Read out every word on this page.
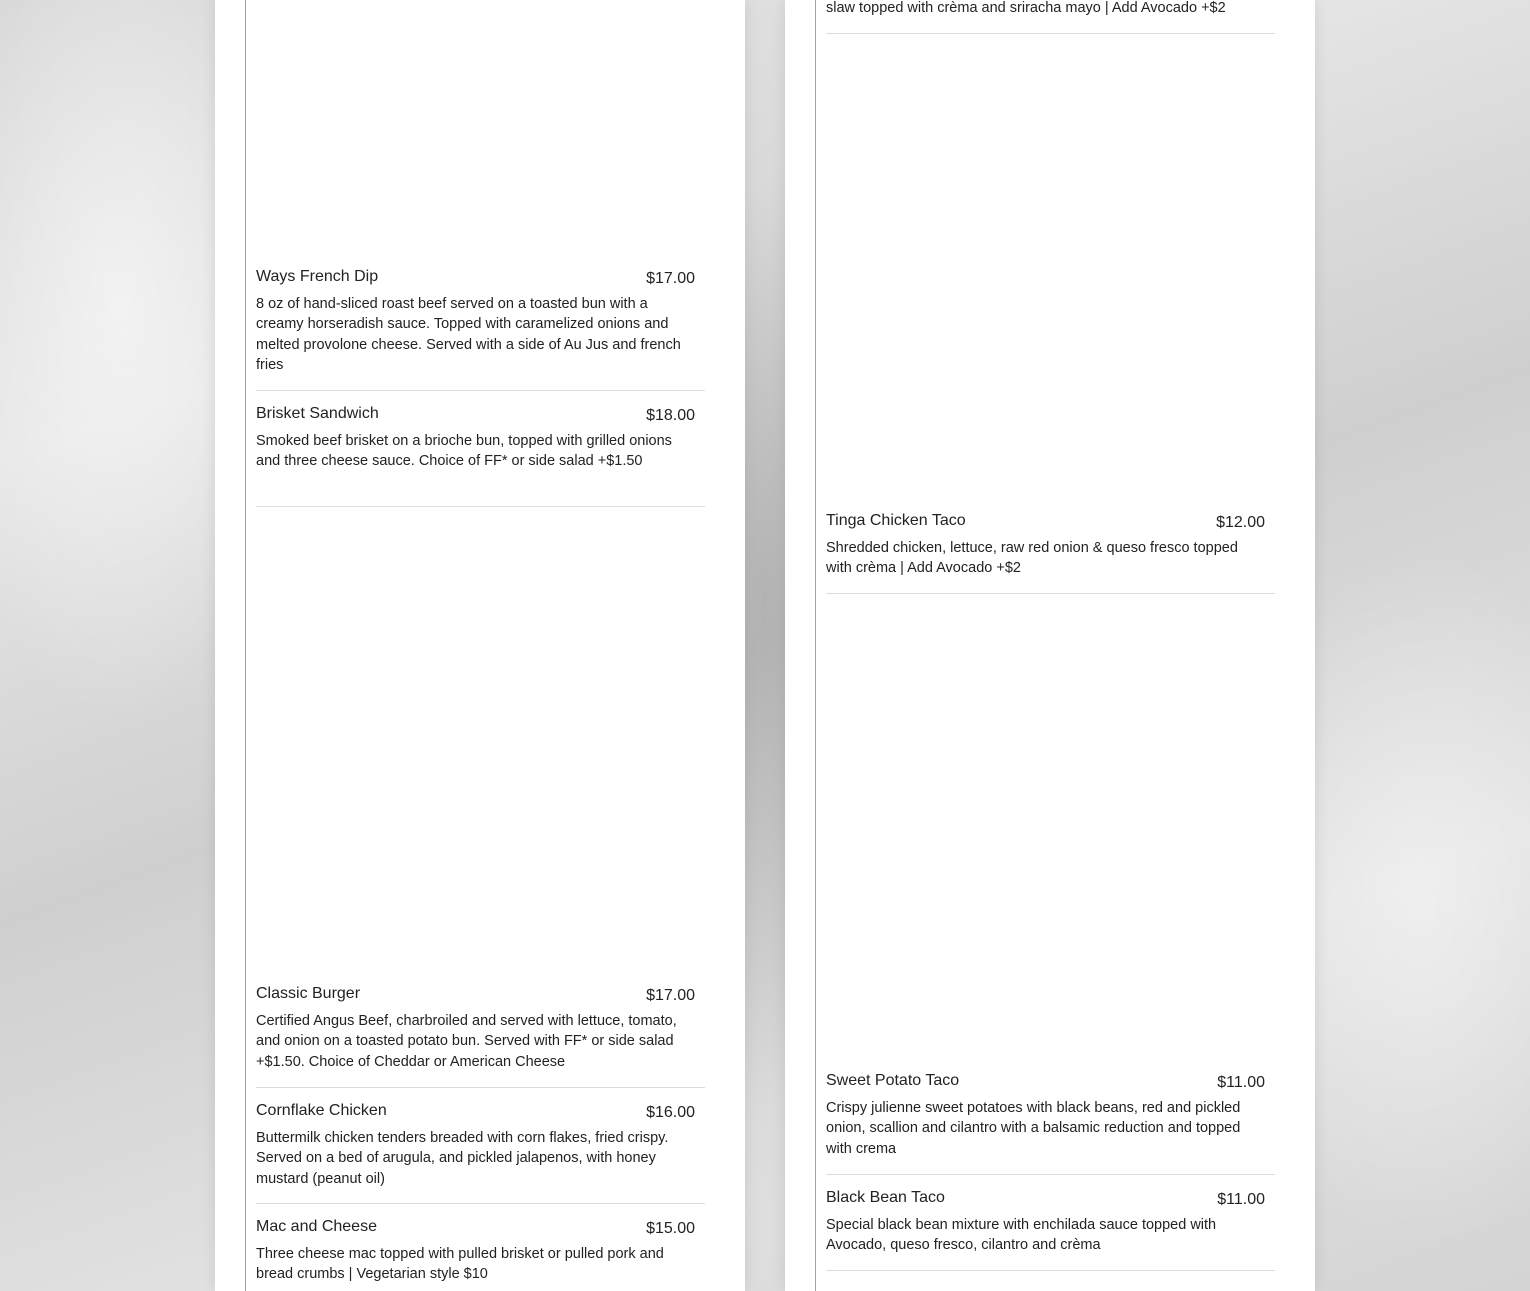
Ways French Dip	$17.00
8 oz of hand-sliced roast beef served on a toasted bun with a creamy horseradish sauce. Topped with caramelized onions and melted provolone cheese. Served with a side of Au Jus and french fries
Brisket Sandwich	$18.00
Smoked beef brisket on a brioche bun, topped with grilled onions and three cheese sauce. Choice of FF* or side salad +$1.50
Classic Burger	$17.00
Certified Angus Beef, charbroiled and served with lettuce, tomato, and onion on a toasted potato bun. Served with FF* or side salad +$1.50. Choice of Cheddar or American Cheese
Cornflake Chicken	$16.00
Buttermilk chicken tenders breaded with corn flakes, fried crispy. Served on a bed of arugula, and pickled jalapenos, with honey mustard (peanut oil)
Mac and Cheese	$15.00
Three cheese mac topped with pulled brisket or pulled pork and bread crumbs | Vegetarian style $10
slaw topped with crèma and sriracha mayo | Add Avocado +$2
Tinga Chicken Taco	$12.00
Shredded chicken, lettuce, raw red onion & queso fresco topped with crèma | Add Avocado +$2
Sweet Potato Taco	$11.00
Crispy julienne sweet potatoes with black beans, red and pickled onion, scallion and cilantro with a balsamic reduction and topped with crema
Black Bean Taco	$11.00
Special black bean mixture with enchilada sauce topped with Avocado, queso fresco, cilantro and crèma
